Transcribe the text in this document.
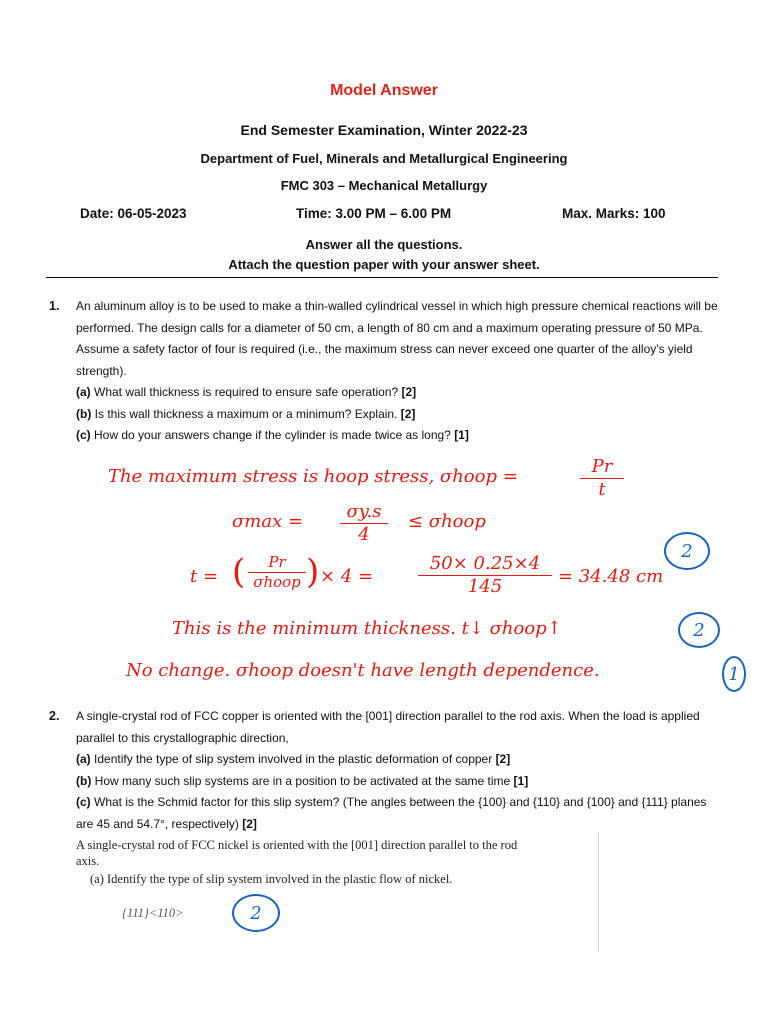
Model Answer
End Semester Examination, Winter 2022-23
Department of Fuel, Minerals and Metallurgical Engineering
FMC 303 – Mechanical Metallurgy
Date: 06-05-2023	Time: 3.00 PM – 6.00 PM	Max. Marks: 100
Answer all the questions.
Attach the question paper with your answer sheet.
1. An aluminum alloy is to be used to make a thin-walled cylindrical vessel in which high pressure chemical reactions will be performed. The design calls for a diameter of 50 cm, a length of 80 cm and a maximum operating pressure of 50 MPa. Assume a safety factor of four is required (i.e., the maximum stress can never exceed one quarter of the alloy's yield strength).
(a) What wall thickness is required to ensure safe operation? [2]
(b) Is this wall thickness a maximum or a minimum? Explain. [2]
(c) How do your answers change if the cylinder is made twice as long? [1]
The maximum stress is hoop stress, σhoop =	$\frac{Pr}{t}$
$\sigma\max = \frac{\sigma y.s}{4}$ ≤ σhoop
t = (	Pr
σhoop ) × $4 = \frac{50\times 0.25\times 4}{145} = 34.48$ cm
2
This is the minimum thickness. t↓ σhoop↑	2
No change. σhoop doesn't have length dependence.	1
2. A single-crystal rod of FCC copper is oriented with the [001] direction parallel to the rod axis. When the load is applied parallel to this crystallographic direction,
(a) Identify the type of slip system involved in the plastic deformation of copper [2]
(b) How many such slip systems are in a position to be activated at the same time [1]
(c) What is the Schmid factor for this slip system? (The angles between the {100} and {110} and {100} and {111} planes are 45 and 54.7°, respectively) [2]
A single-crystal rod of FCC nickel is oriented with the [001] direction parallel to the rod
axis.
(a) Identify the type of slip system involved in the plastic flow of nickel.
{111}<110>	2
